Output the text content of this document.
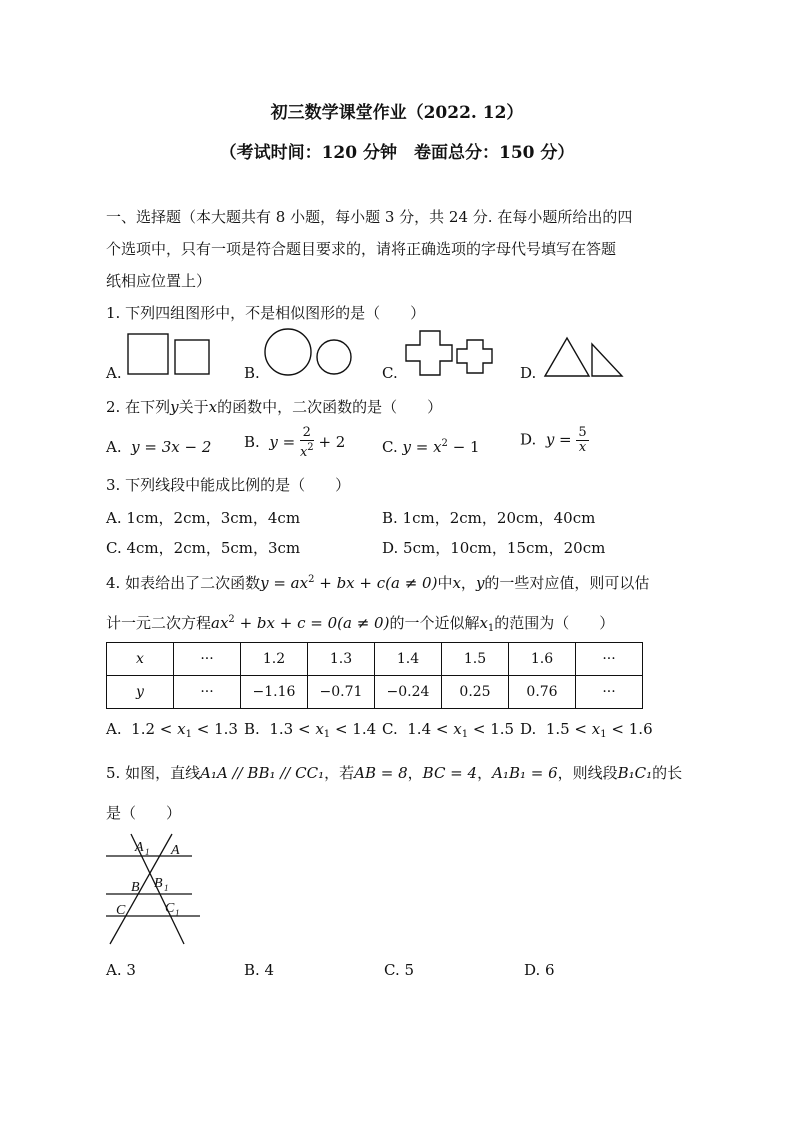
初三数学课堂作业（2022. 12）
（考试时间：120 分钟　卷面总分：150 分）
一、选择题（本大题共有 8 小题，每小题 3 分，共 24 分. 在每小题所给出的四
个选项中，只有一项是符合题目要求的，请将正确选项的字母代号填写在答题
纸相应位置上）
1. 下列四组图形中，不是相似图形的是（　　）
A.	B.	C.	D.
2. 在下列y关于x的函数中，二次函数的是（　　）
A. y = 3x − 2 B. $y = \frac{2}{x^2} + 2$ C. $y = x^2 - 1$	D. $y = \frac{5}{x}$
3. 下列线段中能成比例的是（　　）
A. 1cm，2cm，3cm，4cm	B. 1cm，2cm，20cm，40cm
C. 4cm，2cm，5cm，3cm	D. 5cm，10cm，15cm，20cm
4. 如表给出了二次函数$y = ax^2$ + bx + c(a ≠ 0)中x，y的一些对应值，则可以估
计一元二次方程$ax^2$ + bx + c = 0(a ≠ 0)的一个近似解$x_1$的范围为（　　）
x	···	1.2	1.3	1.4	1.5	1.6	···
y	···	−1.16	−0.71	−0.24	0.25	0.76	···
A. $1.2 < x_1 < 1.3$ B. $1.3 < x_1 < 1.4$ C. $1.4 < x_1 < 1.5$ D. $1.5 < x_1 < 1.6$
5. 如图，直线A₁A // BB₁ // CC₁，若AB = 8，BC = 4，A₁B₁ = 6，则线段B₁C₁的长
是（　　）
A 1 A
B B 1
C	C 1
A. 3	B. 4	C. 5	D. 6
